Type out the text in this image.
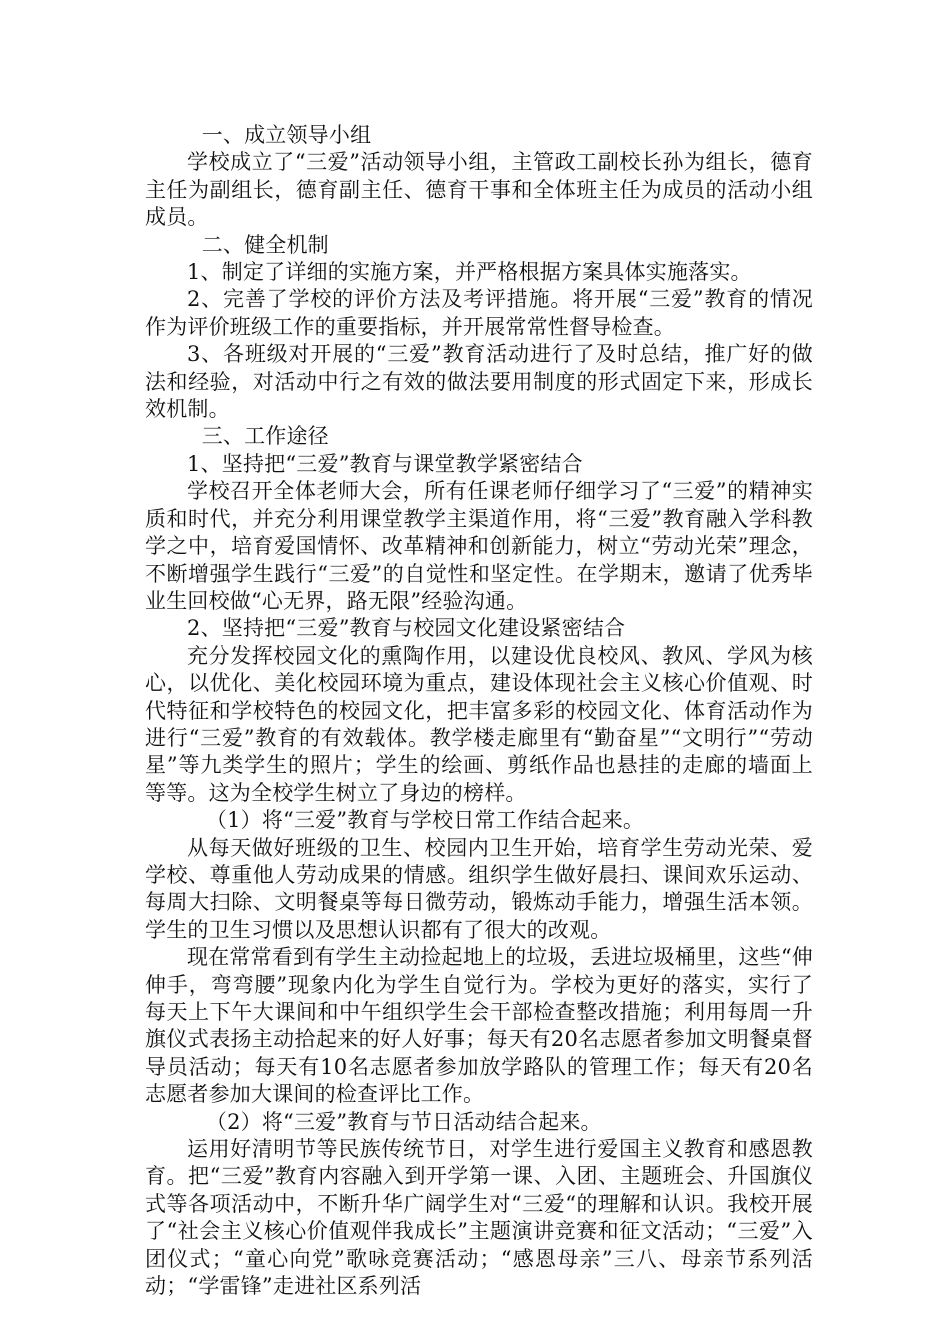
一、成立领导小组

学校成立了“三爱”活动领导小组，主管政工副校长孙为组长，德育主任为副组长，德育副主任、德育干事和全体班主任为成员的活动小组成员。

二、健全机制

1、制定了详细的实施方案，并严格根据方案具体实施落实。

2、完善了学校的评价方法及考评措施。将开展“三爱”教育的情况作为评价班级工作的重要指标，并开展常常性督导检查。

3、各班级对开展的“三爱”教育活动进行了及时总结，推广好的做法和经验，对活动中行之有效的做法要用制度的形式固定下来，形成长效机制。

三、工作途径

1、坚持把“三爱”教育与课堂教学紧密结合

学校召开全体老师大会，所有任课老师仔细学习了“三爱”的精神实质和时代，并充分利用课堂教学主渠道作用，将“三爱”教育融入学科教学之中，培育爱国情怀、改革精神和创新能力，树立“劳动光荣”理念，不断增强学生践行“三爱”的自觉性和坚定性。在学期末，邀请了优秀毕业生回校做“心无界，路无限”经验沟通。

2、坚持把“三爱”教育与校园文化建设紧密结合

充分发挥校园文化的熏陶作用，以建设优良校风、教风、学风为核心，以优化、美化校园环境为重点，建设体现社会主义核心价值观、时代特征和学校特色的校园文化，把丰富多彩的校园文化、体育活动作为进行“三爱”教育的有效载体。教学楼走廊里有“勤奋星”“文明行”“劳动星”等九类学生的照片；学生的绘画、剪纸作品也悬挂的走廊的墙面上等等。这为全校学生树立了身边的榜样。

（1）将“三爱”教育与学校日常工作结合起来。

从每天做好班级的卫生、校园内卫生开始，培育学生劳动光荣、爱学校、尊重他人劳动成果的情感。组织学生做好晨扫、课间欢乐运动、每周大扫除、文明餐桌等每日微劳动，锻炼动手能力，增强生活本领。学生的卫生习惯以及思想认识都有了很大的改观。

现在常常看到有学生主动捡起地上的垃圾，丢进垃圾桶里，这些“伸伸手，弯弯腰”现象内化为学生自觉行为。学校为更好的落实，实行了每天上下午大课间和中午组织学生会干部检查整改措施；利用每周一升旗仪式表扬主动拾起来的好人好事；每天有20名志愿者参加文明餐桌督导员活动；每天有10名志愿者参加放学路队的管理工作；每天有20名志愿者参加大课间的检查评比工作。

（2）将“三爱”教育与节日活动结合起来。

运用好清明节等民族传统节日，对学生进行爱国主义教育和感恩教育。把“三爱”教育内容融入到开学第一课、入团、主题班会、升国旗仪式等各项活动中，不断升华广阔学生对“三爱“的理解和认识。我校开展了“社会主义核心价值观伴我成长”主题演讲竞赛和征文活动；“三爱”入团仪式；“童心向党”歌咏竞赛活动；“感恩母亲”三八、母亲节系列活动；“学雷锋”走进社区系列活
